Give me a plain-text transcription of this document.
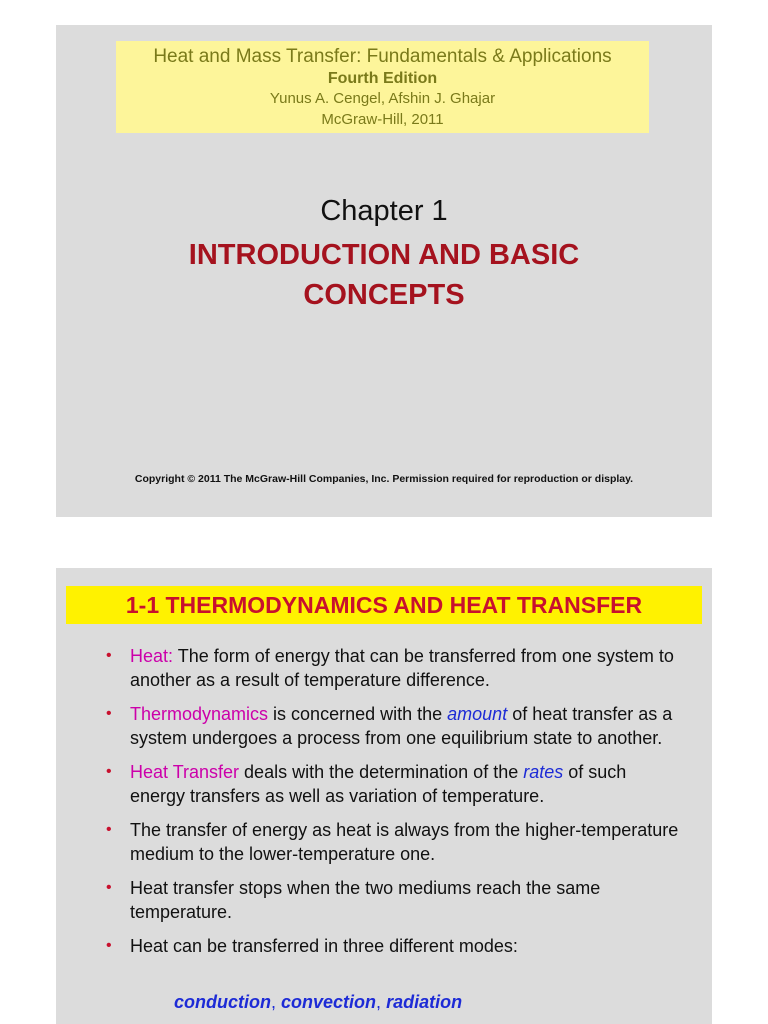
Heat and Mass Transfer: Fundamentals & Applications
Fourth Edition
Yunus A. Cengel, Afshin J. Ghajar
McGraw-Hill, 2011
Chapter 1
INTRODUCTION AND BASIC
CONCEPTS
Copyright © 2011 The McGraw-Hill Companies, Inc. Permission required for reproduction or display.
1-1 THERMODYNAMICS AND HEAT TRANSFER
• Heat: The form of energy that can be transferred from one system to another as a result of temperature difference.
• Thermodynamics is concerned with the amount of heat transfer as a system undergoes a process from one equilibrium state to another.
• Heat Transfer deals with the determination of the rates of such energy transfers as well as variation of temperature.
• The transfer of energy as heat is always from the higher-temperature medium to the lower-temperature one.
• Heat transfer stops when the two mediums reach the same temperature.
• Heat can be transferred in three different modes:
conduction, convection, radiation
